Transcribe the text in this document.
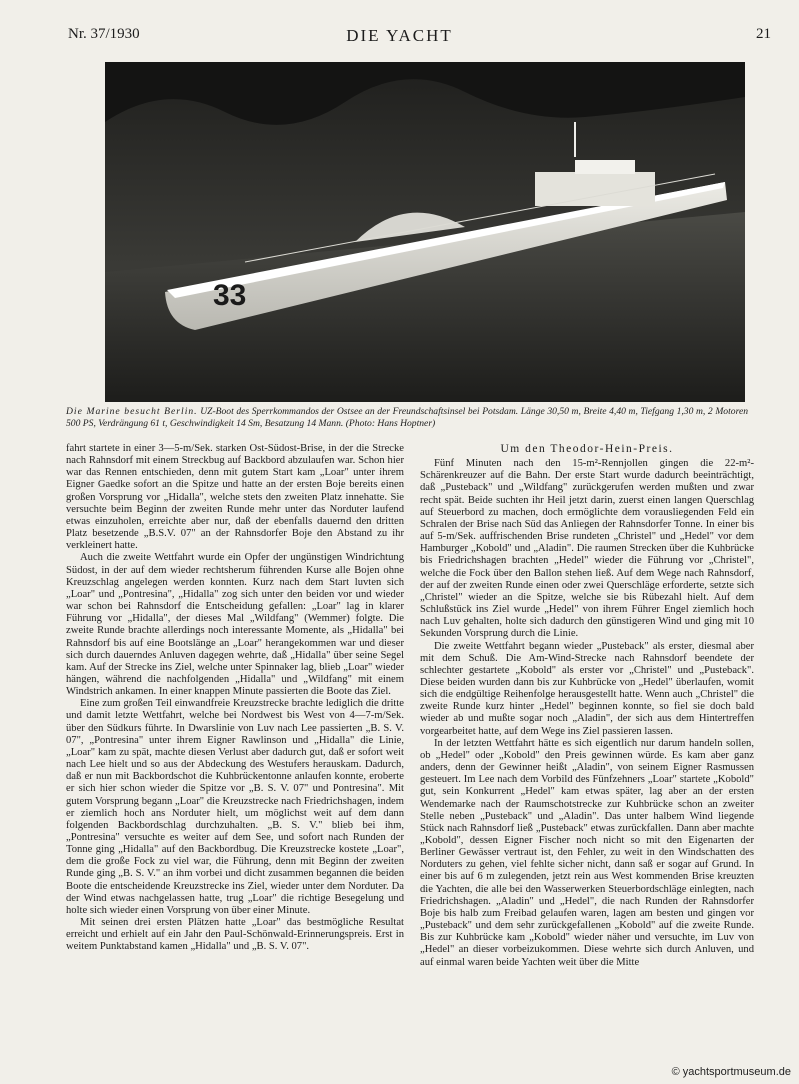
Nr. 37/1930	DIE YACHT	21
33
Die Marine besucht Berlin. UZ-Boot des Sperrkommandos der Ostsee an der Freundschaftsinsel bei Potsdam. Länge 30,50 m, Breite 4,40 m, Tiefgang 1,30 m, 2 Motoren 500 PS, Verdrängung 61 t, Geschwindigkeit 14 Sm, Besatzung 14 Mann. (Photo: Hans Hoptner)

fahrt startete in einer 3—5-m/Sek. starken Ost-Südost-Brise, in der die Strecke nach Rahnsdorf mit einem Streckbug auf Backbord abzulaufen war. Schon hier war das Rennen entschieden, denn mit gutem Start kam „Loar" unter ihrem Eigner Gaedke sofort an die Spitze und hatte an der ersten Boje bereits einen großen Vorsprung vor „Hidalla", welche stets den zweiten Platz innehatte. Sie versuchte beim Beginn der zweiten Runde mehr unter das Norduter laufend etwas einzuholen, erreichte aber nur, daß der ebenfalls dauernd den dritten Platz besetzende „B.S.V. 07" an der Rahnsdorfer Boje den Abstand zu ihr verkleinert hatte.

Auch die zweite Wettfahrt wurde ein Opfer der ungünstigen Windrichtung Südost, in der auf dem wieder rechtsherum führenden Kurse alle Bojen ohne Kreuzschlag angelegen werden konnten. Kurz nach dem Start luvten sich „Loar" und „Pontresina", „Hidalla" zog sich unter den beiden vor und wieder war schon bei Rahnsdorf die Entscheidung gefallen: „Loar" lag in klarer Führung vor „Hidalla", der dieses Mal „Wildfang" (Wemmer) folgte. Die zweite Runde brachte allerdings noch interessante Momente, als „Hidalla" bei Rahnsdorf bis auf eine Bootslänge an „Loar" herangekommen war und dieser sich durch dauerndes Anluven dagegen wehrte, daß „Hidalla" über seine Segel kam. Auf der Strecke ins Ziel, welche unter Spinnaker lag, blieb „Loar" wieder hängen, während die nachfolgenden „Hidalla" und „Wildfang" mit einem Windstrich ankamen. In einer knappen Minute passierten die Boote das Ziel.

Eine zum großen Teil einwandfreie Kreuzstrecke brachte lediglich die dritte und damit letzte Wettfahrt, welche bei Nordwest bis West von 4—7-m/Sek. über den Südkurs führte. In Dwarslinie von Luv nach Lee passierten „B. S. V. 07", „Pontresina" unter ihrem Eigner Rawlinson und „Hidalla" die Linie, „Loar" kam zu spät, machte diesen Verlust aber dadurch gut, daß er sofort weit nach Lee hielt und so aus der Abdeckung des Westufers herauskam. Dadurch, daß er nun mit Backbordschot die Kuhbrückentonne anlaufen konnte, eroberte er sich hier schon wieder die Spitze vor „B. S. V. 07" und Pontresina". Mit gutem Vorsprung begann „Loar" die Kreuzstrecke nach Friedrichshagen, indem er ziemlich hoch ans Norduter hielt, um möglichst weit auf dem dann folgenden Backbordschlag durchzuhalten. „B. S. V." blieb bei ihm, „Pontresina" versuchte es weiter auf dem See, und sofort nach Runden der Tonne ging „Hidalla" auf den Backbordbug. Die Kreuzstrecke kostete „Loar", dem die große Fock zu viel war, die Führung, denn mit Beginn der zweiten Runde ging „B. S. V." an ihm vorbei und dicht zusammen begannen die beiden Boote die entscheidende Kreuzstrecke ins Ziel, wieder unter dem Norduter. Da der Wind etwas nachgelassen hatte, trug „Loar" die richtige Besegelung und holte sich wieder einen Vorsprung von über einer Minute.

Mit seinen drei ersten Plätzen hatte „Loar" das bestmögliche Resultat erreicht und erhielt auf ein Jahr den Paul-Schönwald-Erinnerungspreis. Erst in weitem Punktabstand kamen „Hidalla" und „B. S. V. 07".

Um den Theodor-Hein-Preis.

Fünf Minuten nach den 15-m²-Rennjollen gingen die 22-m²-Schärenkreuzer auf die Bahn. Der erste Start wurde dadurch beeinträchtigt, daß „Pusteback" und „Wildfang" zurückgerufen werden mußten und zwar recht spät. Beide suchten ihr Heil jetzt darin, zuerst einen langen Querschlag auf Steuerbord zu machen, doch ermöglichte dem vorausliegenden Feld ein Schralen der Brise nach Süd das Anliegen der Rahnsdorfer Tonne. In einer bis auf 5-m/Sek. auffrischenden Brise rundeten „Christel" und „Hedel" vor dem Hamburger „Kobold" und „Aladin". Die raumen Strecken über die Kuhbrücke bis Friedrichshagen brachten „Hedel" wieder die Führung vor „Christel", welche die Fock über den Ballon stehen ließ. Auf dem Wege nach Rahnsdorf, der auf der zweiten Runde einen oder zwei Querschläge erforderte, setzte sich „Christel" wieder an die Spitze, welche sie bis Rübezahl hielt. Auf dem Schlußstück ins Ziel wurde „Hedel" von ihrem Führer Engel ziemlich hoch nach Luv gehalten, holte sich dadurch den günstigeren Wind und ging mit 10 Sekunden Vorsprung durch die Linie.

Die zweite Wettfahrt begann wieder „Pusteback" als erster, diesmal aber mit dem Schuß. Die Am-Wind-Strecke nach Rahnsdorf beendete der schlechter gestartete „Kobold" als erster vor „Christel" und „Pusteback". Diese beiden wurden dann bis zur Kuhbrücke von „Hedel" überlaufen, womit sich die endgültige Reihenfolge herausgestellt hatte. Wenn auch „Christel" die zweite Runde kurz hinter „Hedel" beginnen konnte, so fiel sie doch bald wieder ab und mußte sogar noch „Aladin", der sich aus dem Hintertreffen vorgearbeitet hatte, auf dem Wege ins Ziel passieren lassen.

In der letzten Wettfahrt hätte es sich eigentlich nur darum handeln sollen, ob „Hedel" oder „Kobold" den Preis gewinnen würde. Es kam aber ganz anders, denn der Gewinner heißt „Aladin", von seinem Eigner Rasmussen gesteuert. Im Lee nach dem Vorbild des Fünfzehners „Loar" startete „Kobold" gut, sein Konkurrent „Hedel" kam etwas später, lag aber an der ersten Wendemarke nach der Raumschotstrecke zur Kuhbrücke schon an zweiter Stelle neben „Pusteback" und „Aladin". Das unter halbem Wind liegende Stück nach Rahnsdorf ließ „Pusteback" etwas zurückfallen. Dann aber machte „Kobold", dessen Eigner Fischer noch nicht so mit den Eigenarten der Berliner Gewässer vertraut ist, den Fehler, zu weit in den Windschatten des Norduters zu gehen, viel fehlte sicher nicht, dann saß er sogar auf Grund. In einer bis auf 6 m zulegenden, jetzt rein aus West kommenden Brise kreuzten die Yachten, die alle bei den Wasserwerken Steuerbordschläge einlegten, nach Friedrichshagen. „Aladin" und „Hedel", die nach Runden der Rahnsdorfer Boje bis halb zum Freibad gelaufen waren, lagen am besten und gingen vor „Pusteback" und dem sehr zurückgefallenen „Kobold" auf die zweite Runde. Bis zur Kuhbrücke kam „Kobold" wieder näher und versuchte, im Luv von „Hedel" an dieser vorbeizukommen. Diese wehrte sich durch Anluven, und auf einmal waren beide Yachten weit über die Mitte

© yachtsportmuseum.de
